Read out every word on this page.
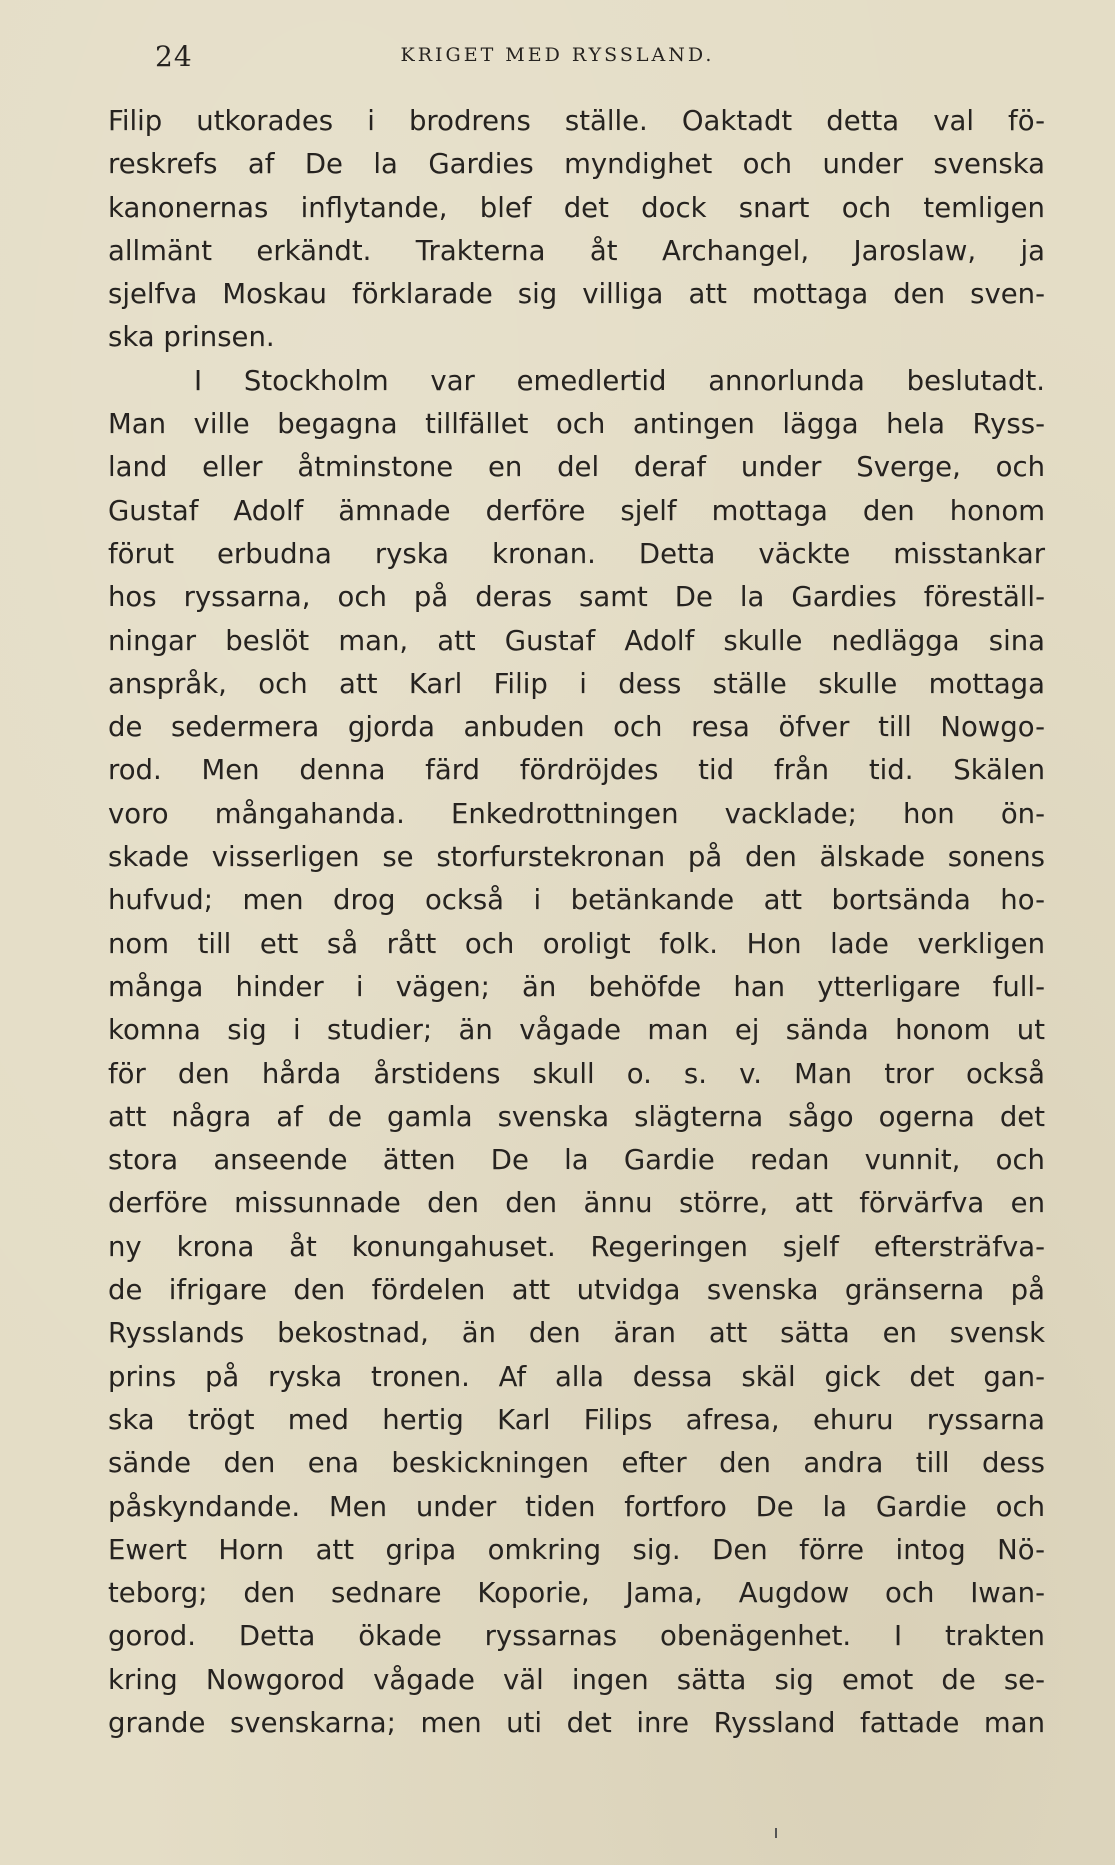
24	KRIGET MED RYSSLAND.
Filip utkorades i brodrens ställe. Oaktadt detta val fö-
reskrefs af De la Gardies myndighet och under svenska
kanonernas inflytande, blef det dock snart och temligen
allmänt erkändt. Trakterna åt Archangel, Jaroslaw, ja
sjelfva Moskau förklarade sig villiga att mottaga den sven-
ska prinsen.
I Stockholm var emedlertid annorlunda beslutadt.
Man ville begagna tillfället och antingen lägga hela Ryss-
land eller åtminstone en del deraf under Sverge, och
Gustaf Adolf ämnade derföre sjelf mottaga den honom
förut erbudna ryska kronan. Detta väckte misstankar
hos ryssarna, och på deras samt De la Gardies föreställ-
ningar beslöt man, att Gustaf Adolf skulle nedlägga sina
anspråk, och att Karl Filip i dess ställe skulle mottaga
de sedermera gjorda anbuden och resa öfver till Nowgo-
rod. Men denna färd fördröjdes tid från tid. Skälen
voro mångahanda. Enkedrottningen vacklade; hon ön-
skade visserligen se storfurstekronan på den älskade sonens
hufvud; men drog också i betänkande att bortsända ho-
nom till ett så rått och oroligt folk. Hon lade verkligen
många hinder i vägen; än behöfde han ytterligare full-
komna sig i studier; än vågade man ej sända honom ut
för den hårda årstidens skull o. s. v. Man tror också
att några af de gamla svenska slägterna sågo ogerna det
stora anseende ätten De la Gardie redan vunnit, och
derföre missunnade den den ännu större, att förvärfva en
ny krona åt konungahuset. Regeringen sjelf eftersträfva-
de ifrigare den fördelen att utvidga svenska gränserna på
Rysslands bekostnad, än den äran att sätta en svensk
prins på ryska tronen. Af alla dessa skäl gick det gan-
ska trögt med hertig Karl Filips afresa, ehuru ryssarna
sände den ena beskickningen efter den andra till dess
påskyndande. Men under tiden fortforo De la Gardie och
Ewert Horn att gripa omkring sig. Den förre intog Nö-
teborg; den sednare Koporie, Jama, Augdow och Iwan-
gorod. Detta ökade ryssarnas obenägenhet. I trakten
kring Nowgorod vågade väl ingen sätta sig emot de se-
grande svenskarna; men uti det inre Ryssland fattade man
